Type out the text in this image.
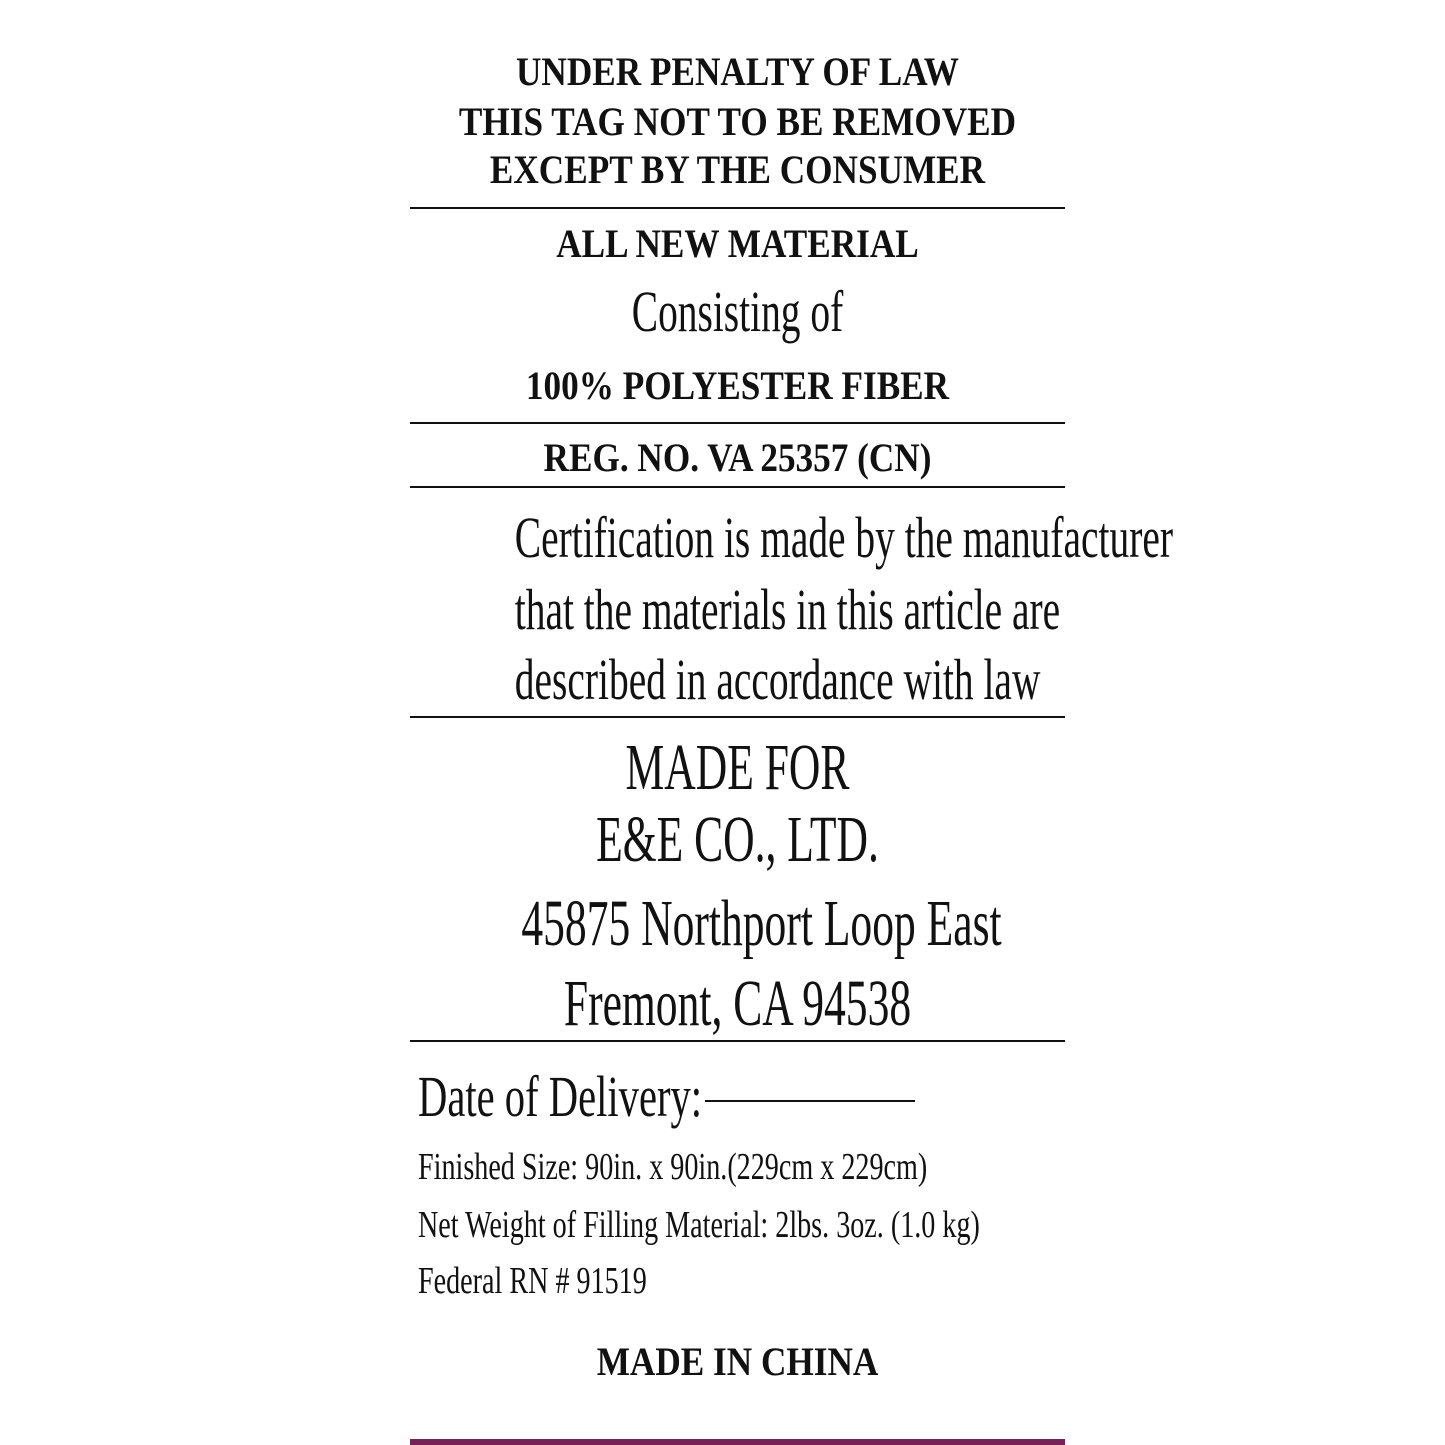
UNDER PENALTY OF LAW
THIS TAG NOT TO BE REMOVED
EXCEPT BY THE CONSUMER
ALL NEW MATERIAL
Consisting of
100% POLYESTER FIBER
REG. NO. VA 25357 (CN)
Certification is made by the manufacturer
that the materials in this article are
described in accordance with law
MADE FOR
E&E CO., LTD.
45875 Northport Loop East
Fremont, CA 94538
Date of Delivery:
Finished Size: 90in. x 90in.(229cm x 229cm)
Net Weight of Filling Material: 2lbs. 3oz. (1.0 kg)
Federal RN # 91519
MADE IN CHINA
